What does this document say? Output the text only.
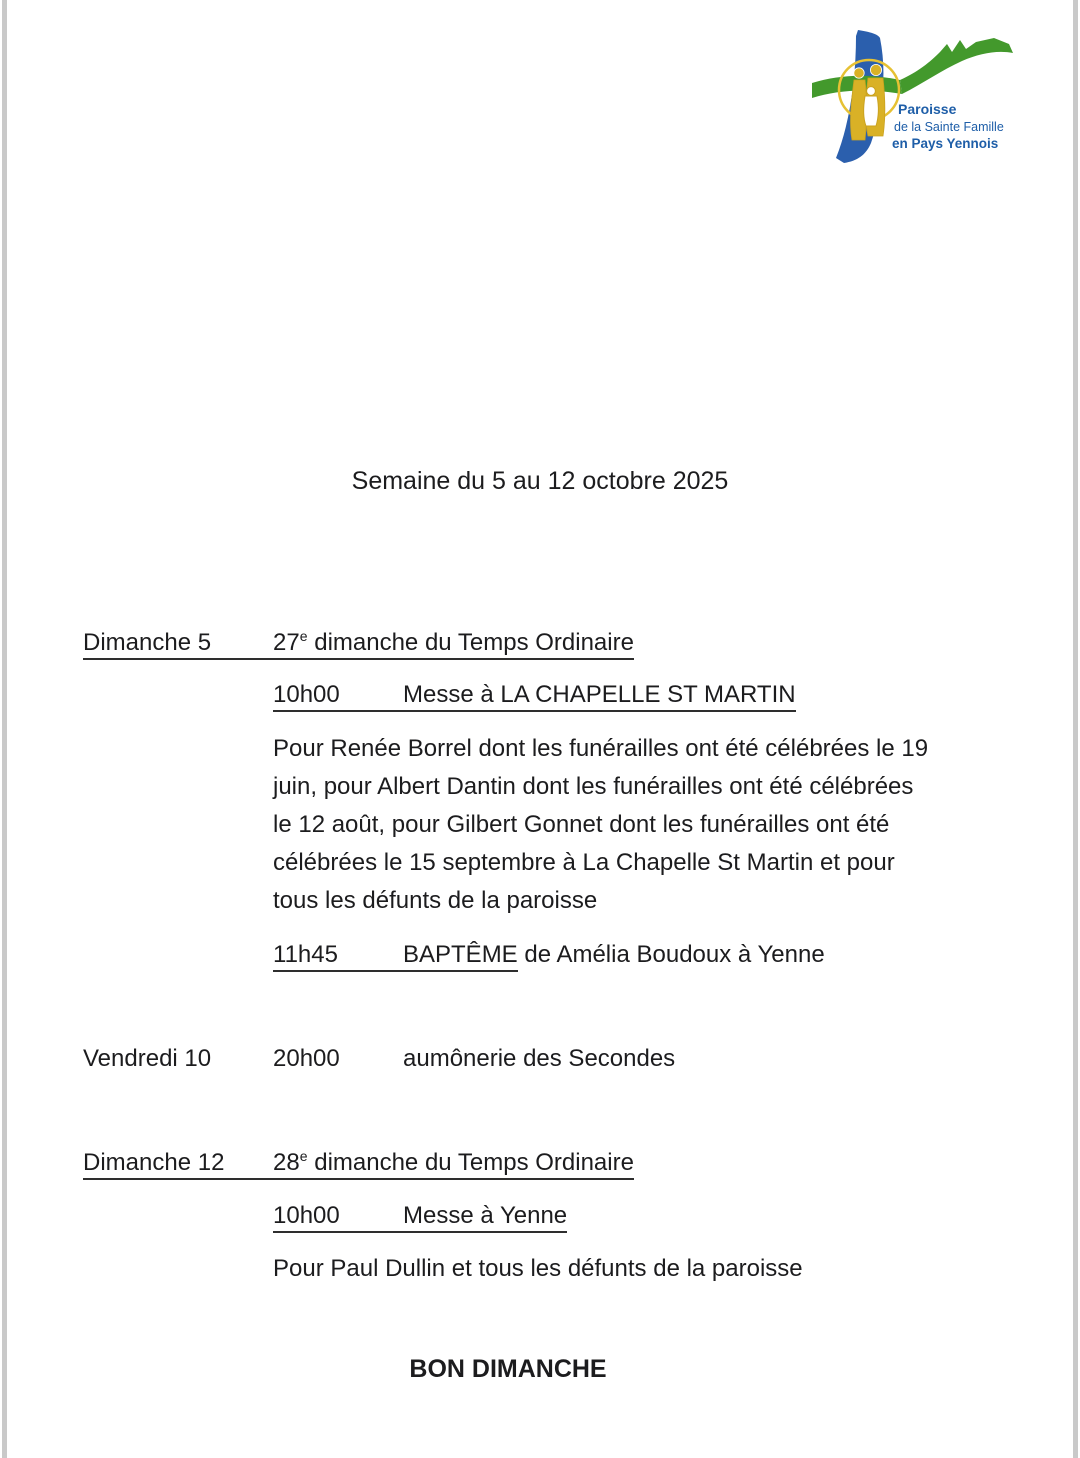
Paroisse
de la Sainte Famille
en Pays Yennois
Semaine du 5 au 12 octobre 2025
Dimanche 5	27e dimanche du Temps Ordinaire
10h00	Messe à LA CHAPELLE ST MARTIN
Pour Renée Borrel dont les funérailles ont été célébrées le 19
juin, pour Albert Dantin dont les funérailles ont été célébrées
le 12 août, pour Gilbert Gonnet dont les funérailles ont été
célébrées le 15 septembre à La Chapelle St Martin et pour
tous les défunts de la paroisse
11h45	BAPTÊME de Amélia Boudoux à Yenne
Vendredi 10	20h00	aumônerie des Secondes
Dimanche 12 28e dimanche du Temps Ordinaire
10h00	Messe à Yenne
Pour Paul Dullin et tous les défunts de la paroisse
BON DIMANCHE
